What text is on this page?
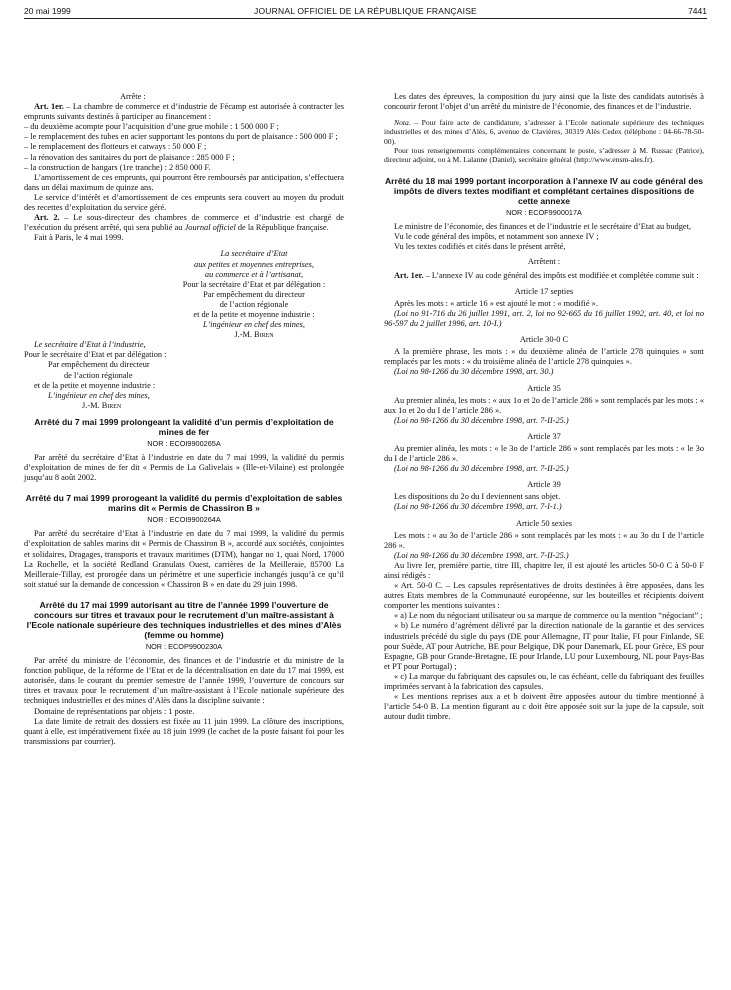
20 mai 1999	JOURNAL OFFICIEL DE LA RÉPUBLIQUE FRANÇAISE	7441

Arrête :

Art. 1er. – La chambre de commerce et d’industrie de Fécamp est autorisée à contracter les emprunts suivants destinés à participer au financement :

– du deuxième acompte pour l’acquisition d’une grue mobile : 1 500 000 F ;

– le remplacement des tubes en acier supportant les pontons du port de plaisance : 500 000 F ;

– le remplacement des flotteurs et catways : 50 000 F ;

– la rénovation des sanitaires du port de plaisance : 285 000 F ;

– la construction de hangars (1re tranche) : 2 850 000 F.

L’amortissement de ces emprunts, qui pourront être remboursés par anticipation, s’effectuera dans un délai maximum de quinze ans.

Le service d’intérêt et d’amortissement de ces emprunts sera couvert au moyen du produit des recettes d’exploitation du service géré.

Art. 2. – Le sous-directeur des chambres de commerce et d’industrie est chargé de l’exécution du présent arrêté, qui sera publié au Journal officiel de la République française.

Fait à Paris, le 4 mai 1999.

La secrétaire d’Etat

aux petites et moyennes entreprises,

au commerce et à l’artisanat,

Pour la secrétaire d’Etat et par délégation :

Par empêchement du directeur

de l’action régionale

et de la petite et moyenne industrie :

L’ingénieur en chef des mines,

J.-M. Biren

Le secrétaire d’Etat à l’industrie,

Pour le secrétaire d’Etat et par délégation :

Par empêchement du directeur

de l’action régionale

et de la petite et moyenne industrie :

L’ingénieur en chef des mines,

J.-M. Biren

Arrêté du 7 mai 1999 prolongeant la validité d’un permis d’exploitation de mines de fer

NOR : ECOI9900265A

Par arrêté du secrétaire d’Etat à l’industrie en date du 7 mai 1999, la validité du permis d’exploitation de mines de fer dit « Permis de La Galivelais » (Ille-et-Vilaine) est prolongée jusqu’au 8 août 2002.

Arrêté du 7 mai 1999 prorogeant la validité du permis d’exploitation de sables marins dit « Permis de Chassiron B »

NOR : ECOI9900264A

Par arrêté du secrétaire d’Etat à l’industrie en date du 7 mai 1999, la validité du permis d’exploitation de sables marins dit « Permis de Chassiron B », accordé aux sociétés, conjointes et solidaires, Dragages, transports et travaux maritimes (DTM), hangar no 1, quai Nord, 17000 La Rochelle, et la société Redland Granulats Ouest, carrières de la Meilleraie, 85700 La Meilleraie-Tillay, est prorogée dans un périmètre et une superficie inchangés jusqu’à ce qu’il soit statué sur la demande de concession « Chassiron B » en date du 29 juin 1998.

Arrêté du 17 mai 1999 autorisant au titre de l’année 1999 l’ouverture de concours sur titres et travaux pour le recrutement d’un maître-assistant à l’Ecole nationale supérieure des techniques industrielles et des mines d’Alès (femme ou homme)

NOR : ECOP9900230A

Par arrêté du ministre de l’économie, des finances et de l’industrie et du ministre de la fonction publique, de la réforme de l’Etat et de la décentralisation en date du 17 mai 1999, est autorisée, dans le courant du premier semestre de l’année 1999, l’ouverture de concours sur titres et travaux pour le recrutement d’un maître-assistant à l’Ecole nationale supérieure des techniques industrielles et des mines d’Alès dans la discipline suivante :

Domaine de représentations par objets : 1 poste.

La date limite de retrait des dossiers est fixée au 11 juin 1999. La clôture des inscriptions, quant à elle, est impérativement fixée au 18 juin 1999 (le cachet de la poste faisant foi pour les transmissions par courrier).

Les dates des épreuves, la composition du jury ainsi que la liste des candidats autorisés à concourir feront l’objet d’un arrêté du ministre de l’économie, des finances et de l’industrie.

Nota. – Pour faire acte de candidature, s’adresser à l’Ecole nationale supérieure des techniques industrielles et des mines d’Alès, 6, avenue de Clavières, 30319 Alès Cedex (téléphone : 04-66-78-50-00).

Pour tous renseignements complémentaires concernant le poste, s’adresser à M. Russac (Patrice), directeur adjoint, ou à M. Lalanne (Daniel), secrétaire général (http://www.ensm-ales.fr).

Arrêté du 18 mai 1999 portant incorporation à l’annexe IV au code général des impôts de divers textes modifiant et complétant certaines dispositions de cette annexe

NOR : ECOF9900017A

Le ministre de l’économie, des finances et de l’industrie et le secrétaire d’Etat au budget,

Vu le code général des impôts, et notamment son annexe IV ;

Vu les textes codifiés et cités dans le présent arrêté,

Arrêtent :

Art. 1er. – L’annexe IV au code général des impôts est modifiée et complétée comme suit :

Article 17 septies

Après les mots : « article 16 » est ajouté le mot : « modifié ».

(Loi no 91-716 du 26 juillet 1991, art. 2, loi no 92-665 du 16 juillet 1992, art. 40, et loi no 96-597 du 2 juillet 1996, art. 10-I.)

Article 30-0 C

A la première phrase, les mots : « du deuxième alinéa de l’article 278 quinquies » sont remplacés par les mots : « du troisième alinéa de l’article 278 quinquies ».

(Loi no 98-1266 du 30 décembre 1998, art. 30.)

Article 35

Au premier alinéa, les mots : « aux 1o et 2o de l’article 286 » sont remplacés par les mots : « aux 1o et 2o du I de l’article 286 ».

(Loi no 98-1266 du 30 décembre 1998, art. 7-II-25.)

Article 37

Au premier alinéa, les mots : « le 3o de l’article 286 » sont remplacés par les mots : « le 3o du I de l’article 286 ».

(Loi no 98-1266 du 30 décembre 1998, art. 7-II-25.)

Article 39

Les dispositions du 2o du I deviennent sans objet.

(Loi no 98-1266 du 30 décembre 1998, art. 7-I-1.)

Article 50 sexies

Les mots : « au 3o de l’article 286 » sont remplacés par les mots : « au 3o du I de l’article 286 ».

(Loi no 98-1266 du 30 décembre 1998, art. 7-II-25.)

Au livre Ier, première partie, titre III, chapitre Ier, il est ajouté les articles 50-0 C à 50-0 F ainsi rédigés :

« Art. 50-0 C. – Les capsules représentatives de droits destinées à être apposées, dans les autres Etats membres de la Communauté européenne, sur les bouteilles et récipients doivent comporter les mentions suivantes :

« a) Le nom du négociant utilisateur ou sa marque de commerce ou la mention “négociant” ;

« b) Le numéro d’agrément délivré par la direction nationale de la garantie et des services industriels précédé du sigle du pays (DE pour Allemagne, IT pour Italie, FI pour Finlande, SE pour Suède, AT pour Autriche, BE pour Belgique, DK pour Danemark, EL pour Grèce, ES pour Espagne, GB pour Grande-Bretagne, IE pour Irlande, LU pour Luxembourg, NL pour Pays-Bas et PT pour Portugal) ;

« c) La marque du fabriquant des capsules ou, le cas échéant, celle du fabriquant des feuilles imprimées servant à la fabrication des capsules.

« Les mentions reprises aux a et b doivent être apposées autour du timbre mentionné à l’article 54-0 B. La mention figurant au c doit être apposée soit sur la jupe de la capsule, soit autour dudit timbre.
